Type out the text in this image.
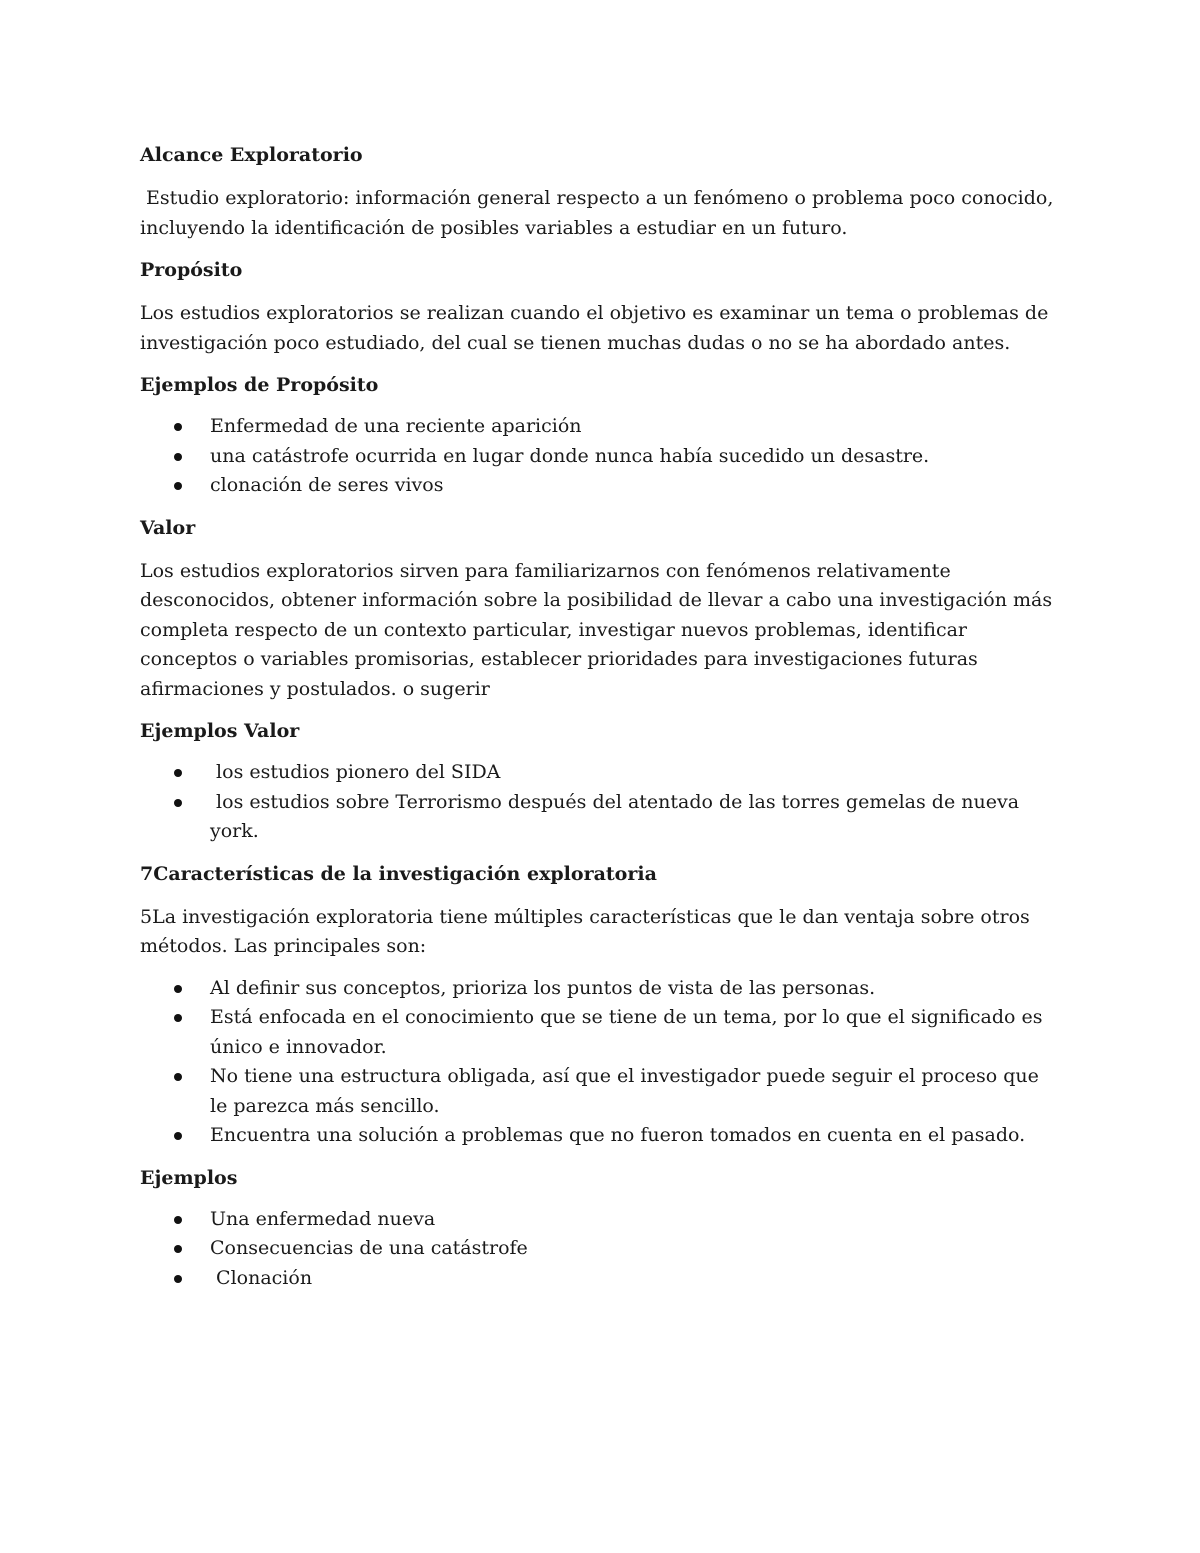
Alcance Exploratorio

Estudio exploratorio: información general respecto a un fenómeno o problema poco conocido, incluyendo la identificación de posibles variables a estudiar en un futuro.

Propósito

Los estudios exploratorios se realizan cuando el objetivo es examinar un tema o problemas de investigación poco estudiado, del cual se tienen muchas dudas o no se ha abordado antes.

Ejemplos de Propósito
Enfermedad de una reciente aparición
una catástrofe ocurrida en lugar donde nunca había sucedido un desastre.
clonación de seres vivos
Valor

Los estudios exploratorios sirven para familiarizarnos con fenómenos relativamente desconocidos, obtener información sobre la posibilidad de llevar a cabo una investigación más completa respecto de un contexto particular, investigar nuevos problemas, identificar conceptos o variables promisorias, establecer prioridades para investigaciones futuras afirmaciones y postulados. o sugerir

Ejemplos Valor
los estudios pionero del SIDA
los estudios sobre Terrorismo después del atentado de las torres gemelas de nueva york.
7Características de la investigación exploratoria

5La investigación exploratoria tiene múltiples características que le dan ventaja sobre otros métodos. Las principales son:

Al definir sus conceptos, prioriza los puntos de vista de las personas.
Está enfocada en el conocimiento que se tiene de un tema, por lo que el significado es único e innovador.
No tiene una estructura obligada, así que el investigador puede seguir el proceso que le parezca más sencillo.
Encuentra una solución a problemas que no fueron tomados en cuenta en el pasado.
Ejemplos
Una enfermedad nueva
Consecuencias de una catástrofe
Clonación
